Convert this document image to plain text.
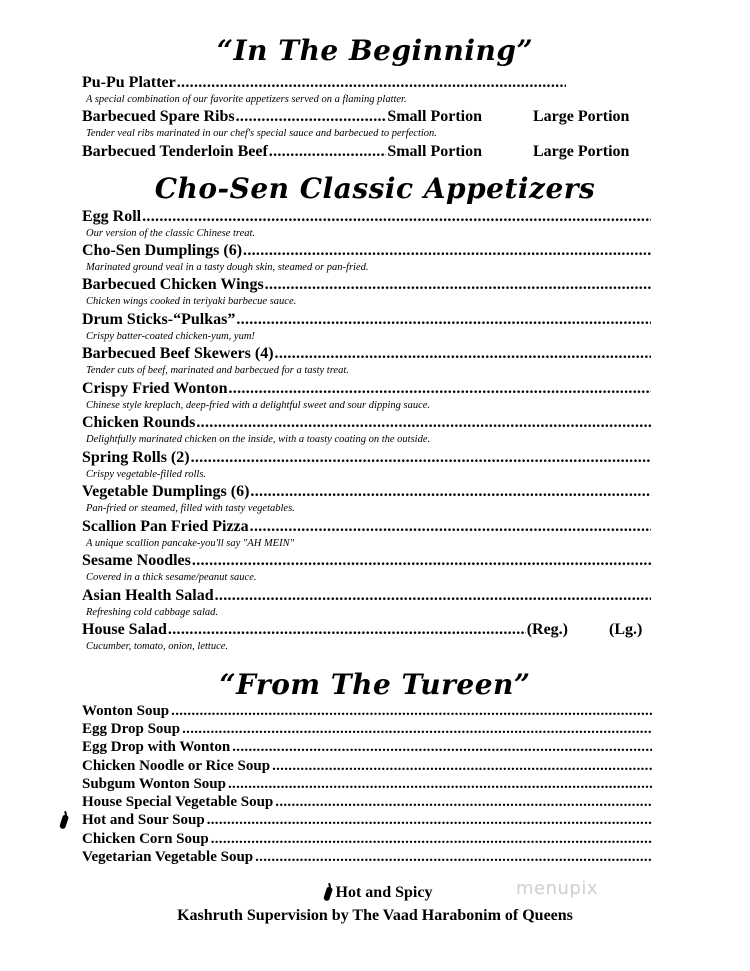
“In The Beginning”
Pu-Pu Platter
.....
A special combination of our favorite appetizers served on a flaming platter.
Barbecued Spare Ribs .....	Small Portion	Large Portion
Tender veal ribs marinated in our chef's special sauce and barbecued to perfection.
Barbecued Tenderloin Beef .....	Small Portion	Large Portion
Cho-Sen Classic Appetizers
Egg Roll
.....
Our version of the classic Chinese treat.
Cho-Sen Dumplings (6)
.....
Marinated ground veal in a tasty dough skin, steamed or pan-fried.
Barbecued Chicken Wings
.....
Chicken wings cooked in teriyaki barbecue sauce.
Drum Sticks-“Pulkas”
.....
Crispy batter-coated chicken-yum, yum!
Barbecued Beef Skewers (4)
.....
Tender cuts of beef, marinated and barbecued for a tasty treat.
Crispy Fried Wonton
.....
Chinese style kreplach, deep-fried with a delightful sweet and sour dipping sauce.
Chicken Rounds
.....
Delightfully marinated chicken on the inside, with a toasty coating on the outside.
Spring Rolls (2)
.....
Crispy vegetable-filled rolls.
Vegetable Dumplings (6)
.....
Pan-fried or steamed, filled with tasty vegetables.
Scallion Pan Fried Pizza
.....
A unique scallion pancake-you'll say "AH MEIN"
Sesame Noodles
.....
Covered in a thick sesame/peanut sauce.
Asian Health Salad
.....
Refreshing cold cabbage salad.
House Salad .....	(Reg.)	(Lg.)
Cucumber, tomato, onion, lettuce.
“From The Tureen”
Wonton Soup
.....
Egg Drop Soup
.....
Egg Drop with Wonton
.....
Chicken Noodle or Rice Soup
.....
Subgum Wonton Soup
.....
House Special Vegetable Soup
.....
Hot and Sour Soup
.....
Chicken Corn Soup
.....
Vegetarian Vegetable Soup
.....
Hot and Spicy
Kashruth Supervision by The Vaad Harabonim of Queens
menupix
